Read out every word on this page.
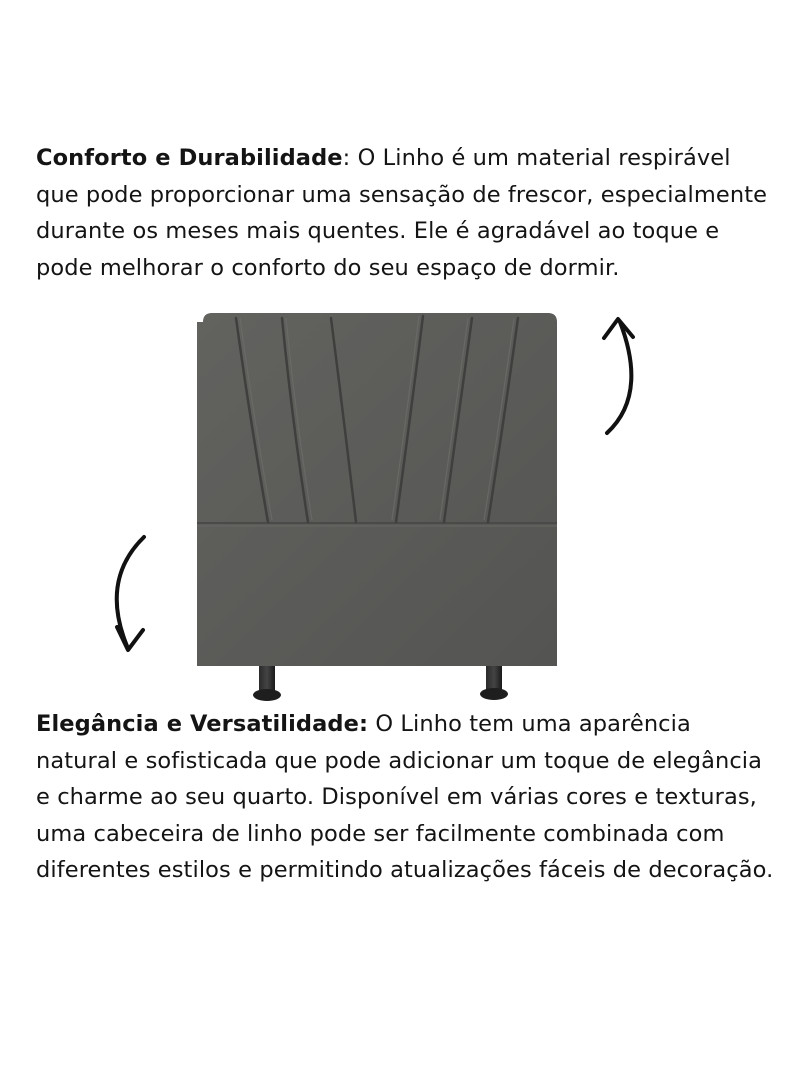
Conforto e Durabilidade: O Linho é um material respirável que pode proporcionar uma sensação de frescor, especialmente durante os meses mais quentes. Ele é agradável ao toque e pode melhorar o conforto do seu espaço de dormir.

Elegância e Versatilidade: O Linho tem uma aparência natural e sofisticada que pode adicionar um toque de elegância e charme ao seu quarto. Disponível em várias cores e texturas, uma cabeceira de linho pode ser facilmente combinada com diferentes estilos e permitindo atualizações fáceis de decoração.
